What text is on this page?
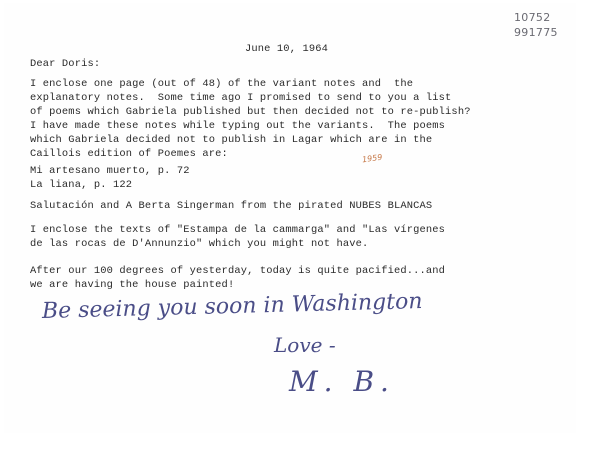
10752
991775
June 10, 1964
Dear Doris:
I enclose one page (out of 48) of the variant notes and  the
explanatory notes.  Some time ago I promised to send to you a list
of poems which Gabriela published but then decided not to re-publish?
I have made these notes while typing out the variants.  The poems
which Gabriela decided not to publish in Lagar which are in the
Caillois edition of Poemes are:	1959
Mi artesano muerto, p. 72
La liana, p. 122
Salutación and A Berta Singerman from the pirated NUBES BLANCAS
I enclose the texts of "Estampa de la cammarga" and "Las vírgenes
de las rocas de D'Annunzio" which you might not have.
After our 100 degrees of yesterday, today is quite pacified...and
we are having the house painted!
Be seeing you soon in Washington
Love -
M. B.
